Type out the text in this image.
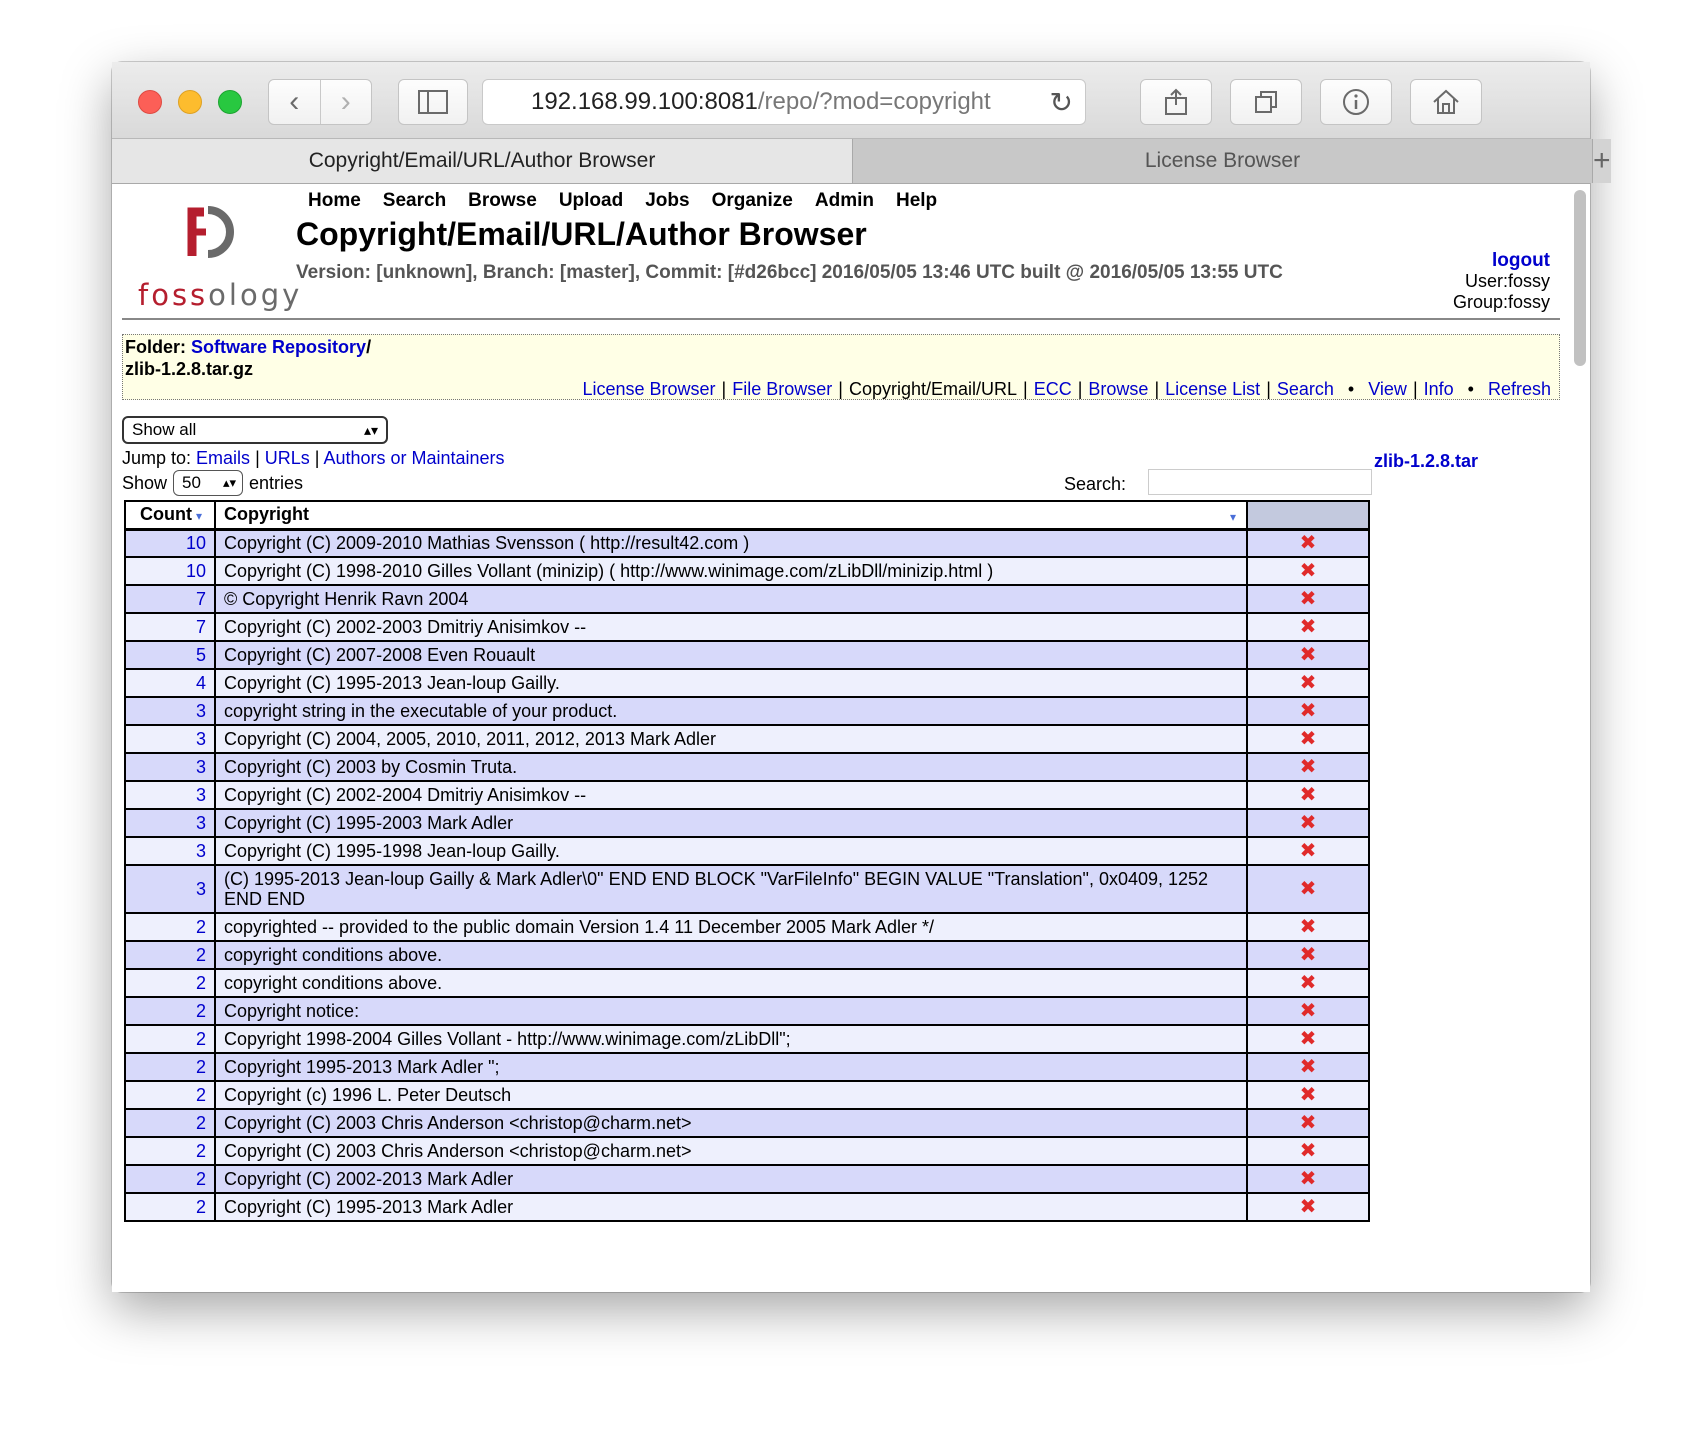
‹	›	192.168.99.100:8081 /repo/?mod=copyright ↻
Copyright/Email/URL/Author Browser	License Browser	+
fossology
Home Search Browse Upload Jobs Organize Admin Help
Copyright/Email/URL/Author Browser
Version: [unknown], Branch: [master], Commit: [#d26bcc] 2016/05/05 13:46 UTC built @ 2016/05/05 13:55 UTC
logout
User:fossy
Group:fossy
Folder: Software Repository/
zlib-1.2.8.tar.gz
License Browser | File Browser | Copyright/Email/URL | ECC | Browse | License List | Search • View | Info • Refresh
Show all	▴▾
Jump to: Emails | URLs | Authors or Maintainers
Show 50 ▴▾ entries	Search:
zlib-1.2.8.tar
Count ▾	Copyright ▾	

10	Copyright (C) 2009-2010 Mathias Svensson ( http://result42.com )	✖
10	Copyright (C) 1998-2010 Gilles Vollant (minizip) ( http://www.winimage.com/zLibDll/minizip.html )	✖
7	© Copyright Henrik Ravn 2004	✖
7	Copyright (C) 2002-2003 Dmitriy Anisimkov --	✖
5	Copyright (C) 2007-2008 Even Rouault	✖
4	Copyright (C) 1995-2013 Jean-loup Gailly.	✖
3	copyright string in the executable of your product.	✖
3	Copyright (C) 2004, 2005, 2010, 2011, 2012, 2013 Mark Adler	✖
3	Copyright (C) 2003 by Cosmin Truta.	✖
3	Copyright (C) 2002-2004 Dmitriy Anisimkov --	✖
3	Copyright (C) 1995-2003 Mark Adler	✖
3	Copyright (C) 1995-1998 Jean-loup Gailly.	✖
3	(C) 1995-2013 Jean-loup Gailly & Mark Adler\0" END END BLOCK "VarFileInfo" BEGIN VALUE "Translation", 0x0409, 1252 END END	✖
2	copyrighted -- provided to the public domain Version 1.4 11 December 2005 Mark Adler */	✖
2	copyright conditions above.	✖
2	copyright conditions above.	✖
2	Copyright notice:	✖
2	Copyright 1998-2004 Gilles Vollant - http://www.winimage.com/zLibDll";	✖
2	Copyright 1995-2013 Mark Adler ";	✖
2	Copyright (c) 1996 L. Peter Deutsch	✖
2	Copyright (C) 2003 Chris Anderson <christop@charm.net>	✖
2	Copyright (C) 2003 Chris Anderson <christop@charm.net>	✖
2	Copyright (C) 2002-2013 Mark Adler	✖
2	Copyright (C) 1995-2013 Mark Adler	✖
